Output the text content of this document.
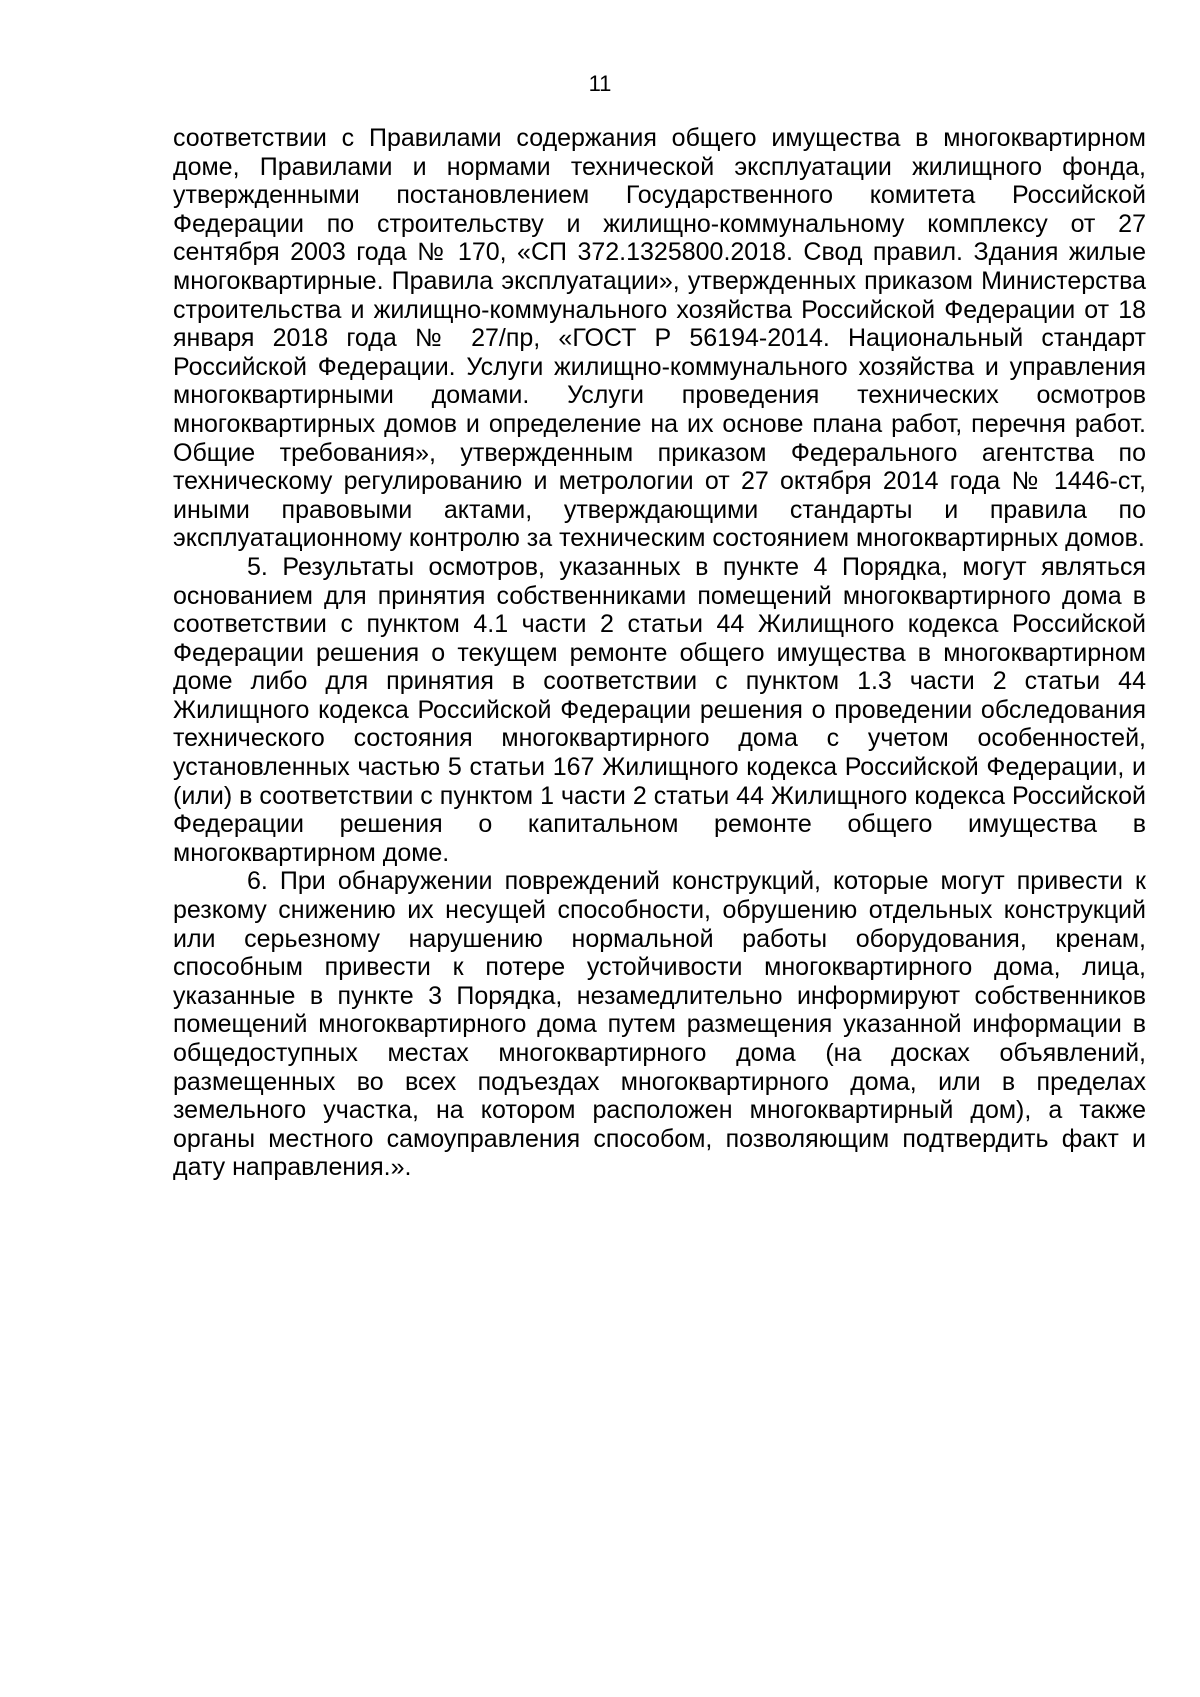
11

соответствии с Правилами содержания общего имущества в многоквартирном доме, Правилами и нормами технической эксплуатации жилищного фонда, утвержденными постановлением Государственного комитета Российской Федерации по строительству и жилищно-коммунальному комплексу от 27 сентября 2003 года № 170, «СП 372.1325800.2018. Свод правил. Здания жилые многоквартирные. Правила эксплуатации», утвержденных приказом Министерства строительства и жилищно-коммунального хозяйства Российской Федерации от 18 января 2018 года № 27/пр, «ГОСТ Р 56194-2014. Национальный стандарт Российской Федерации. Услуги жилищно-коммунального хозяйства и управления многоквартирными домами. Услуги проведения технических осмотров многоквартирных домов и определение на их основе плана работ, перечня работ. Общие требования», утвержденным приказом Федерального агентства по техническому регулированию и метрологии от 27 октября 2014 года № 1446-ст, иными правовыми актами, утверждающими стандарты и правила по эксплуатационному контролю за техническим состоянием многоквартирных домов.

5. Результаты осмотров, указанных в пункте 4 Порядка, могут являться основанием для принятия собственниками помещений многоквартирного дома в соответствии с пунктом 4.1 части 2 статьи 44 Жилищного кодекса Российской Федерации решения о текущем ремонте общего имущества в многоквартирном доме либо для принятия в соответствии с пунктом 1.3 части 2 статьи 44 Жилищного кодекса Российской Федерации решения о проведении обследования технического состояния многоквартирного дома с учетом особенностей, установленных частью 5 статьи 167 Жилищного кодекса Российской Федерации, и (или) в соответствии с пунктом 1 части 2 статьи 44 Жилищного кодекса Российской Федерации решения о капитальном ремонте общего имущества в многоквартирном доме.

6. При обнаружении повреждений конструкций, которые могут привести к резкому снижению их несущей способности, обрушению отдельных конструкций или серьезному нарушению нормальной работы оборудования, кренам, способным привести к потере устойчивости многоквартирного дома, лица, указанные в пункте 3 Порядка, незамедлительно информируют собственников помещений многоквартирного дома путем размещения указанной информации в общедоступных местах многоквартирного дома (на досках объявлений, размещенных во всех подъездах многоквартирного дома, или в пределах земельного участка, на котором расположен многоквартирный дом), а также органы местного самоуправления способом, позволяющим подтвердить факт и дату направления.».
